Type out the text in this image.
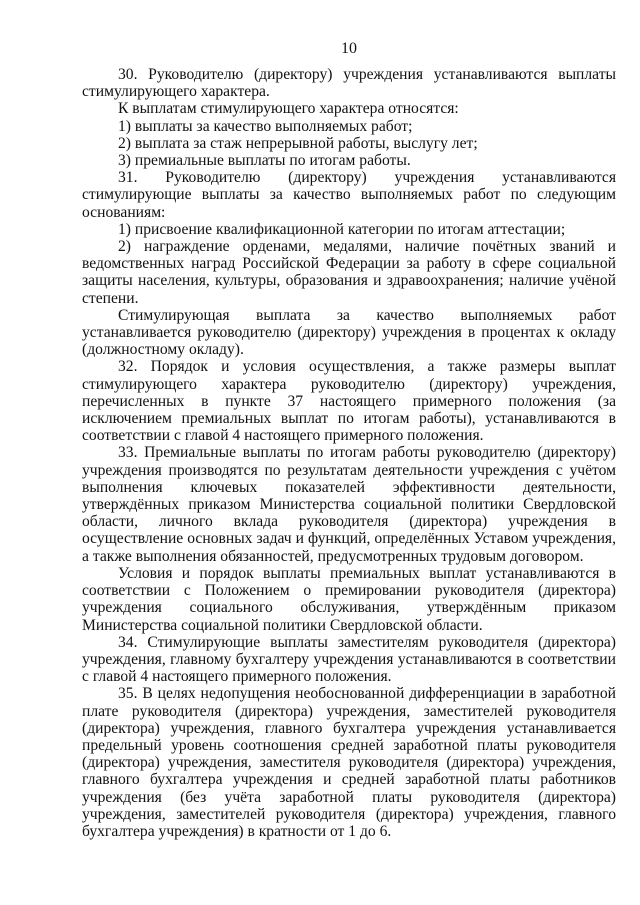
10

30. Руководителю (директору) учреждения устанавливаются выплаты стимулирующего характера.

К выплатам стимулирующего характера относятся:

1) выплаты за качество выполняемых работ;

2) выплата за стаж непрерывной работы, выслугу лет;

3) премиальные выплаты по итогам работы.

31. Руководителю (директору) учреждения устанавливаются стимулирующие выплаты за качество выполняемых работ по следующим основаниям:

1) присвоение квалификационной категории по итогам аттестации;

2) награждение орденами, медалями, наличие почётных званий и ведомственных наград Российской Федерации за работу в сфере социальной защиты населения, культуры, образования и здравоохранения; наличие учёной степени.

Стимулирующая выплата за качество выполняемых работ устанавливается руководителю (директору) учреждения в процентах к окладу (должностному окладу).

32. Порядок и условия осуществления, а также размеры выплат стимулирующего характера руководителю (директору) учреждения, перечисленных в пункте 37 настоящего примерного положения (за исключением премиальных выплат по итогам работы), устанавливаются в соответствии с главой 4 настоящего примерного положения.

33. Премиальные выплаты по итогам работы руководителю (директору) учреждения производятся по результатам деятельности учреждения с учётом выполнения ключевых показателей эффективности деятельности, утверждённых приказом Министерства социальной политики Свердловской области, личного вклада руководителя (директора) учреждения в осуществление основных задач и функций, определённых Уставом учреждения, а также выполнения обязанностей, предусмотренных трудовым договором.

Условия и порядок выплаты премиальных выплат устанавливаются в соответствии с Положением о премировании руководителя (директора) учреждения социального обслуживания, утверждённым приказом Министерства социальной политики Свердловской области.

34. Стимулирующие выплаты заместителям руководителя (директора) учреждения, главному бухгалтеру учреждения устанавливаются в соответствии с главой 4 настоящего примерного положения.

35. В целях недопущения необоснованной дифференциации в заработной плате руководителя (директора) учреждения, заместителей руководителя (директора) учреждения, главного бухгалтера учреждения устанавливается предельный уровень соотношения средней заработной платы руководителя (директора) учреждения, заместителя руководителя (директора) учреждения, главного бухгалтера учреждения и средней заработной платы работников учреждения (без учёта заработной платы руководителя (директора) учреждения, заместителей руководителя (директора) учреждения, главного бухгалтера учреждения) в кратности от 1 до 6.
